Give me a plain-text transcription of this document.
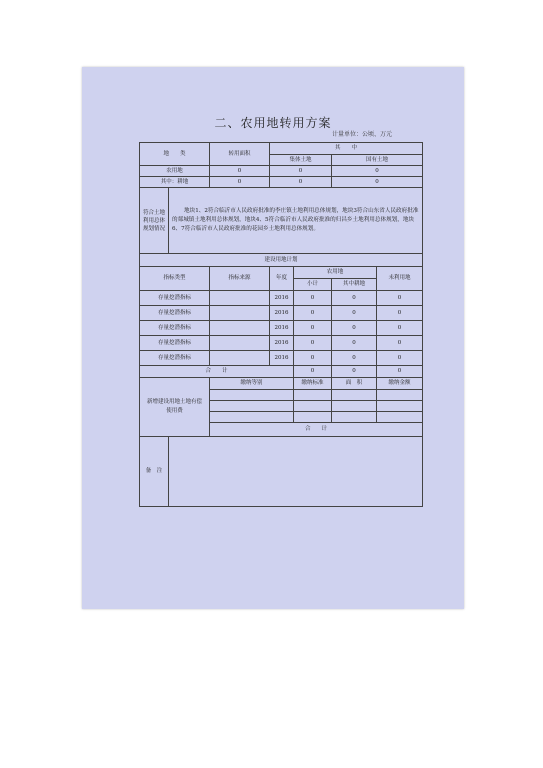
二、农用地转用方案
计量单位：公顷、万元
地　　类		转用面积	其　　中			
			集体土地		国有土地	
农用地		0	0		0	
其中：耕地		0	0		0	
符合土地利用总体规划情况	地块1、2符合临沂市人民政府批准的李庄镇土地利用总体规划，地块3符合山东省人民政府批准的郯城镇土地利用总体规划，地块4、5符合临沂市人民政府批准的归昌乡土地利用总体规划，地块6、7符合临沂市人民政府批准的花园乡土地利用总体规划。					
建设用地计划						
指标类型		指标来源	年度	农用地		未利用地
				小计	其中耕地	
存量挖潜指标			2016	0	0	0
存量挖潜指标			2016	0	0	0
存量挖潜指标			2016	0	0	0
存量挖潜指标			2016	0	0	0
存量挖潜指标			2016	0	0	0
合　　计				0	0	0
新增建设用地土地有偿使用费		缴纳等别		缴纳标准	面　积	缴纳金额

		合　　计				
备　注						
